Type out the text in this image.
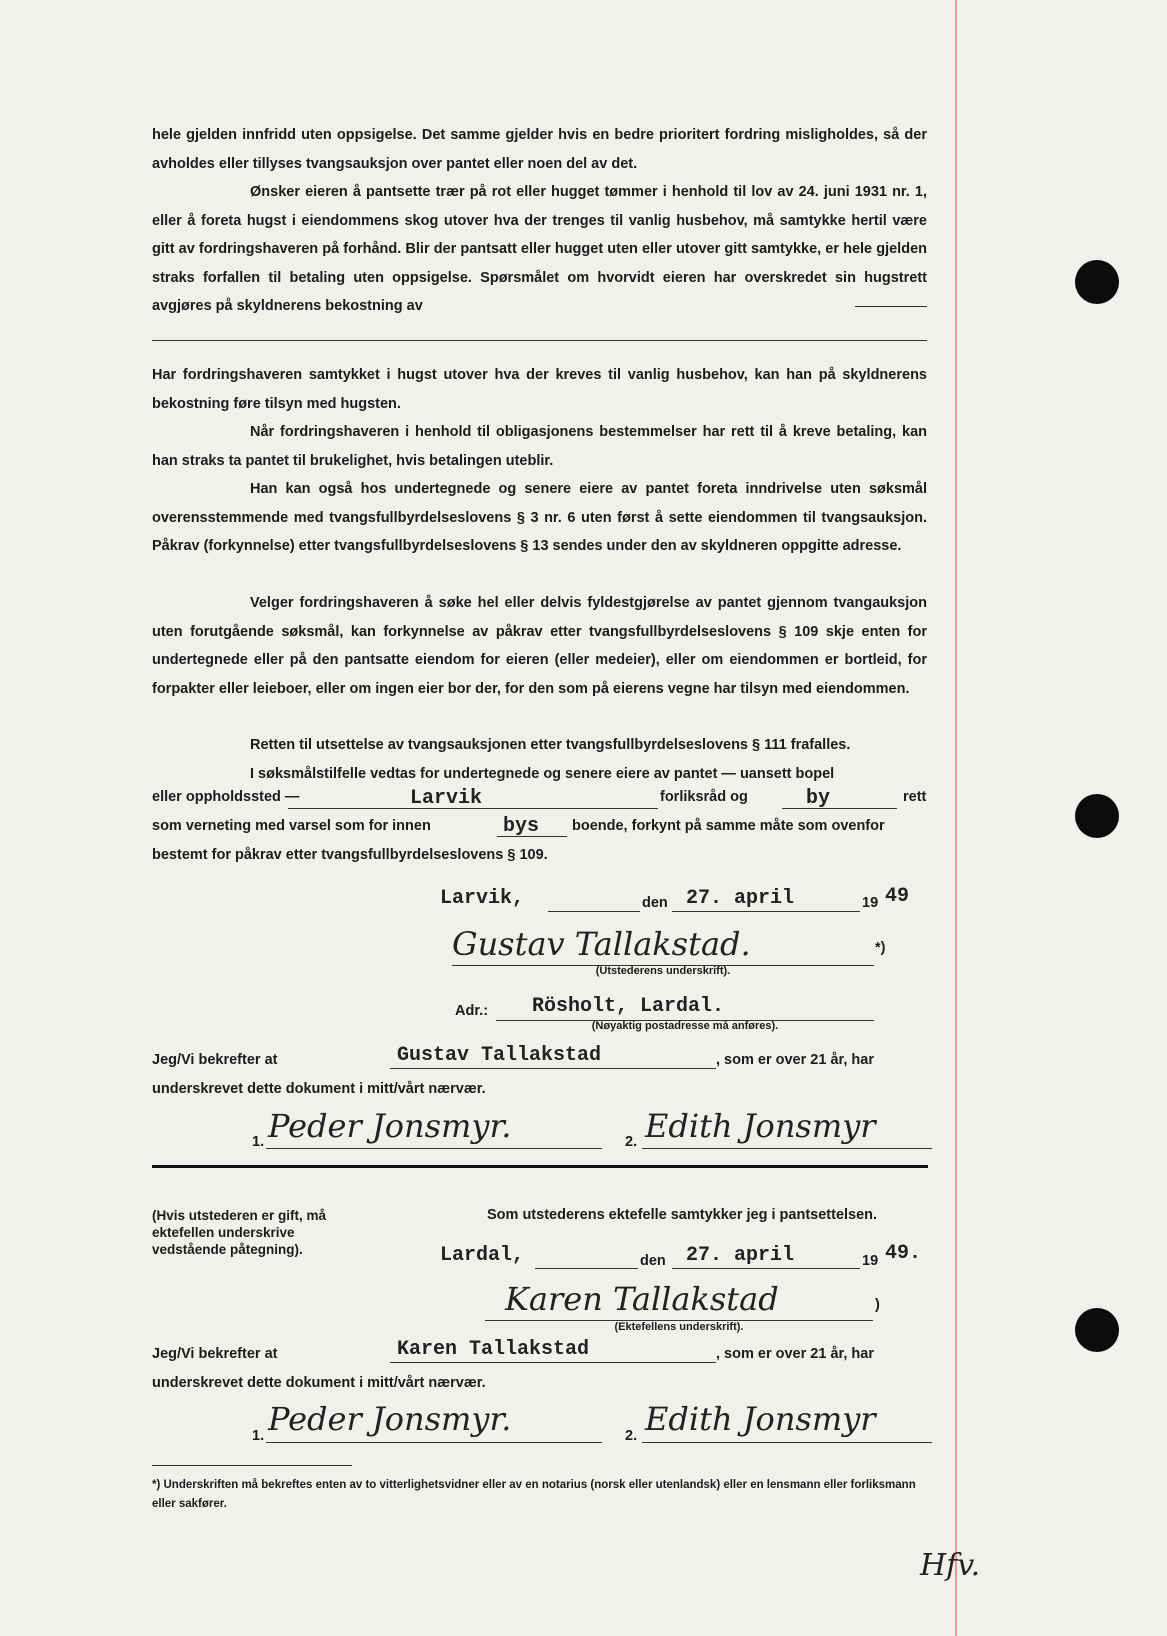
hele gjelden innfridd uten oppsigelse. Det samme gjelder hvis en bedre prioritert fordring misligholdes, så der avholdes eller tillyses tvangsauksjon over pantet eller noen del av det.

Ønsker eieren å pantsette trær på rot eller hugget tømmer i henhold til lov av 24. juni 1931 nr. 1, eller å foreta hugst i eiendommens skog utover hva der trenges til vanlig husbehov, må samtykke hertil være gitt av fordringshaveren på forhånd. Blir der pantsatt eller hugget uten eller utover gitt samtykke, er hele gjelden straks forfallen til betaling uten oppsigelse. Spørsmålet om hvorvidt eieren har overskredet sin hugstrett avgjøres på skyldnerens bekostning av

Har fordringshaveren samtykket i hugst utover hva der kreves til vanlig husbehov, kan han på skyldnerens bekostning føre tilsyn med hugsten.

Når fordringshaveren i henhold til obligasjonens bestemmelser har rett til å kreve betaling, kan han straks ta pantet til brukelighet, hvis betalingen uteblir.

Han kan også hos undertegnede og senere eiere av pantet foreta inndrivelse uten søksmål overensstemmende med tvangsfullbyrdelseslovens § 3 nr. 6 uten først å sette eiendommen til tvangsauksjon. Påkrav (forkynnelse) etter tvangsfullbyrdelseslovens § 13 sendes under den av skyldneren oppgitte adresse.

Velger fordringshaveren å søke hel eller delvis fyldestgjørelse av pantet gjennom tvangauksjon uten forutgående søksmål, kan forkynnelse av påkrav etter tvangsfullbyrdelseslovens § 109 skje enten for undertegnede eller på den pantsatte eiendom for eieren (eller medeier), eller om eiendommen er bortleid, for forpakter eller leieboer, eller om ingen eier bor der, for den som på eierens vegne har tilsyn med eiendommen.

Retten til utsettelse av tvangsauksjonen etter tvangsfullbyrdelseslovens § 111 frafalles.

I søksmålstilfelle vedtas for undertegnede og senere eiere av pantet — uansett bopel

eller oppholdssted —	Larvik	forliksråd og	by	rett
som verneting med varsel som for innen	bys boende, forkynt på samme måte som ovenfor
bestemt for påkrav etter tvangsfullbyrdelseslovens § 109.
Larvik,	den 27. april	19 49
Gustav Tallakstad.	*)
(Utstederens underskrift).
Adr.: Rösholt, Lardal.
(Nøyaktig postadresse må anføres).
Jeg/Vi bekrefter at	Gustav Tallakstad	, som er over 21 år, har
underskrevet dette dokument i mitt/vårt nærvær.
1. Peder Jonsmyr.	2. Edith Jonsmyr
(Hvis utstederen er gift, må ektefellen underskrive vedstående påtegning).
Som utstederens ektefelle samtykker jeg i pantsettelsen.
Lardal,	den 27. april	19 49.
Karen Tallakstad	)
(Ektefellens underskrift).
Jeg/Vi bekrefter at	Karen Tallakstad	, som er over 21 år, har
underskrevet dette dokument i mitt/vårt nærvær.
1. Peder Jonsmyr.	2. Edith Jonsmyr
*) Underskriften må bekreftes enten av to vitterlighetsvidner eller av en notarius (norsk eller utenlandsk) eller en lensmann eller forliksmann eller sakfører.
Hfv.
